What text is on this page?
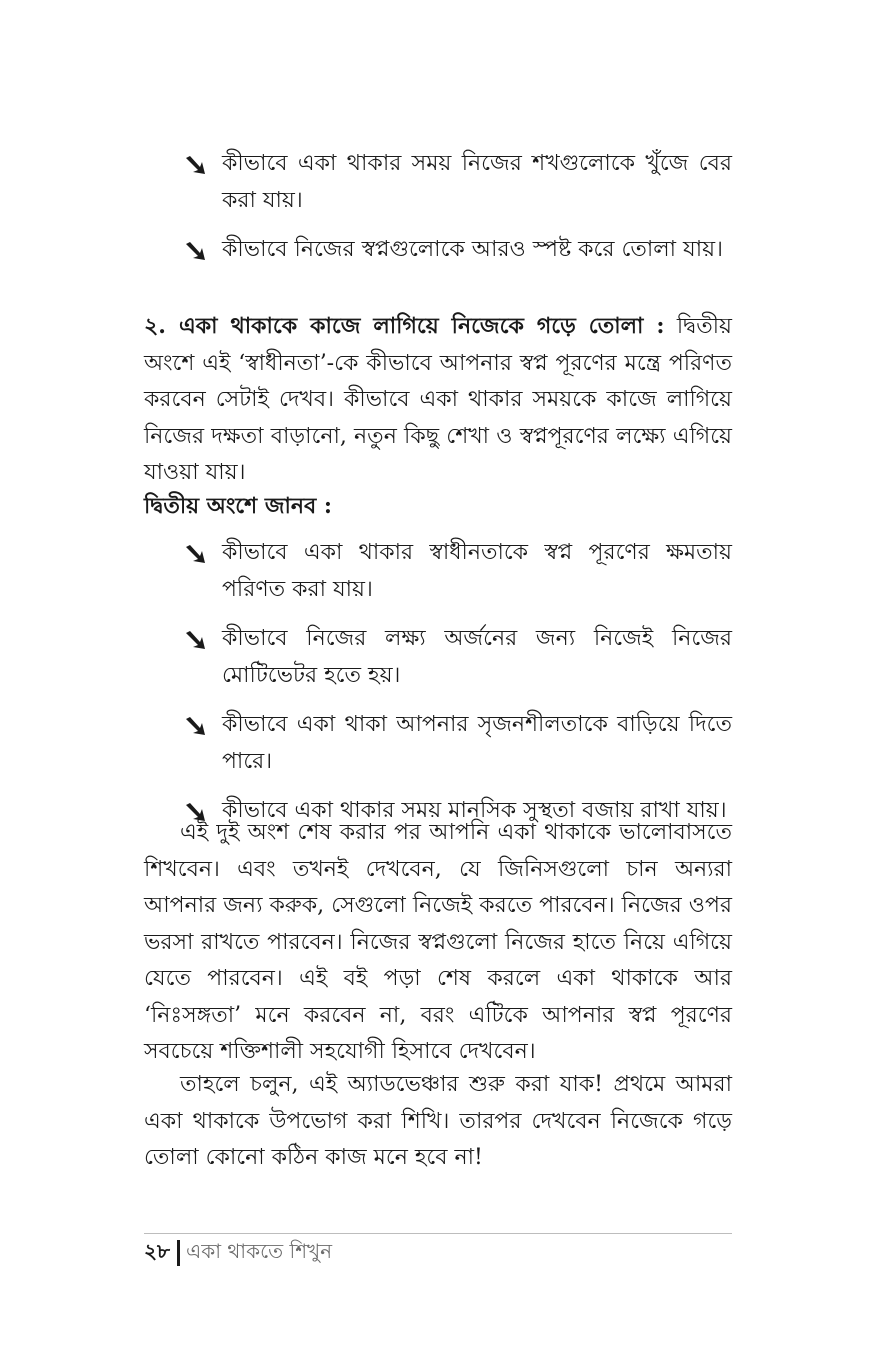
কীভাবে একা থাকার সময় নিজের শখগুলোকে খুঁজে বের করা যায়।
কীভাবে নিজের স্বপ্নগুলোকে আরও স্পষ্ট করে তোলা যায়।

২. একা থাকাকে কাজে লাগিয়ে নিজেকে গড়ে তোলা : দ্বিতীয় অংশে এই ‘স্বাধীনতা’-কে কীভাবে আপনার স্বপ্ন পূরণের মন্ত্রে পরিণত করবেন সেটাই দেখব। কীভাবে একা থাকার সময়কে কাজে লাগিয়ে নিজের দক্ষতা বাড়ানো, নতুন কিছু শেখা ও স্বপ্নপূরণের লক্ষ্যে এগিয়ে যাওয়া যায়।

দ্বিতীয় অংশে জানব :
কীভাবে একা থাকার স্বাধীনতাকে স্বপ্ন পূরণের ক্ষমতায় পরিণত করা যায়।
কীভাবে নিজের লক্ষ্য অর্জনের জন্য নিজেই নিজের মোটিভেটর হতে হয়।
কীভাবে একা থাকা আপনার সৃজনশীলতাকে বাড়িয়ে দিতে পারে।
কীভাবে একা থাকার সময় মানসিক সুস্থতা বজায় রাখা যায়।

এই দুই অংশ শেষ করার পর আপনি একা থাকাকে ভালোবাসতে শিখবেন। এবং তখনই দেখবেন, যে জিনিসগুলো চান অন্যরা আপনার জন্য করুক, সেগুলো নিজেই করতে পারবেন। নিজের ওপর ভরসা রাখতে পারবেন। নিজের স্বপ্নগুলো নিজের হাতে নিয়ে এগিয়ে যেতে পারবেন। এই বই পড়া শেষ করলে একা থাকাকে আর ‘নিঃসঙ্গতা’ মনে করবেন না, বরং এটিকে আপনার স্বপ্ন পূরণের সবচেয়ে শক্তিশালী সহযোগী হিসাবে দেখবেন।

তাহলে চলুন, এই অ্যাডভেঞ্চার শুরু করা যাক! প্রথমে আমরা একা থাকাকে উপভোগ করা শিখি। তারপর দেখবেন নিজেকে গড়ে তোলা কোনো কঠিন কাজ মনে হবে না!

২৮ একা থাকতে শিখুন
